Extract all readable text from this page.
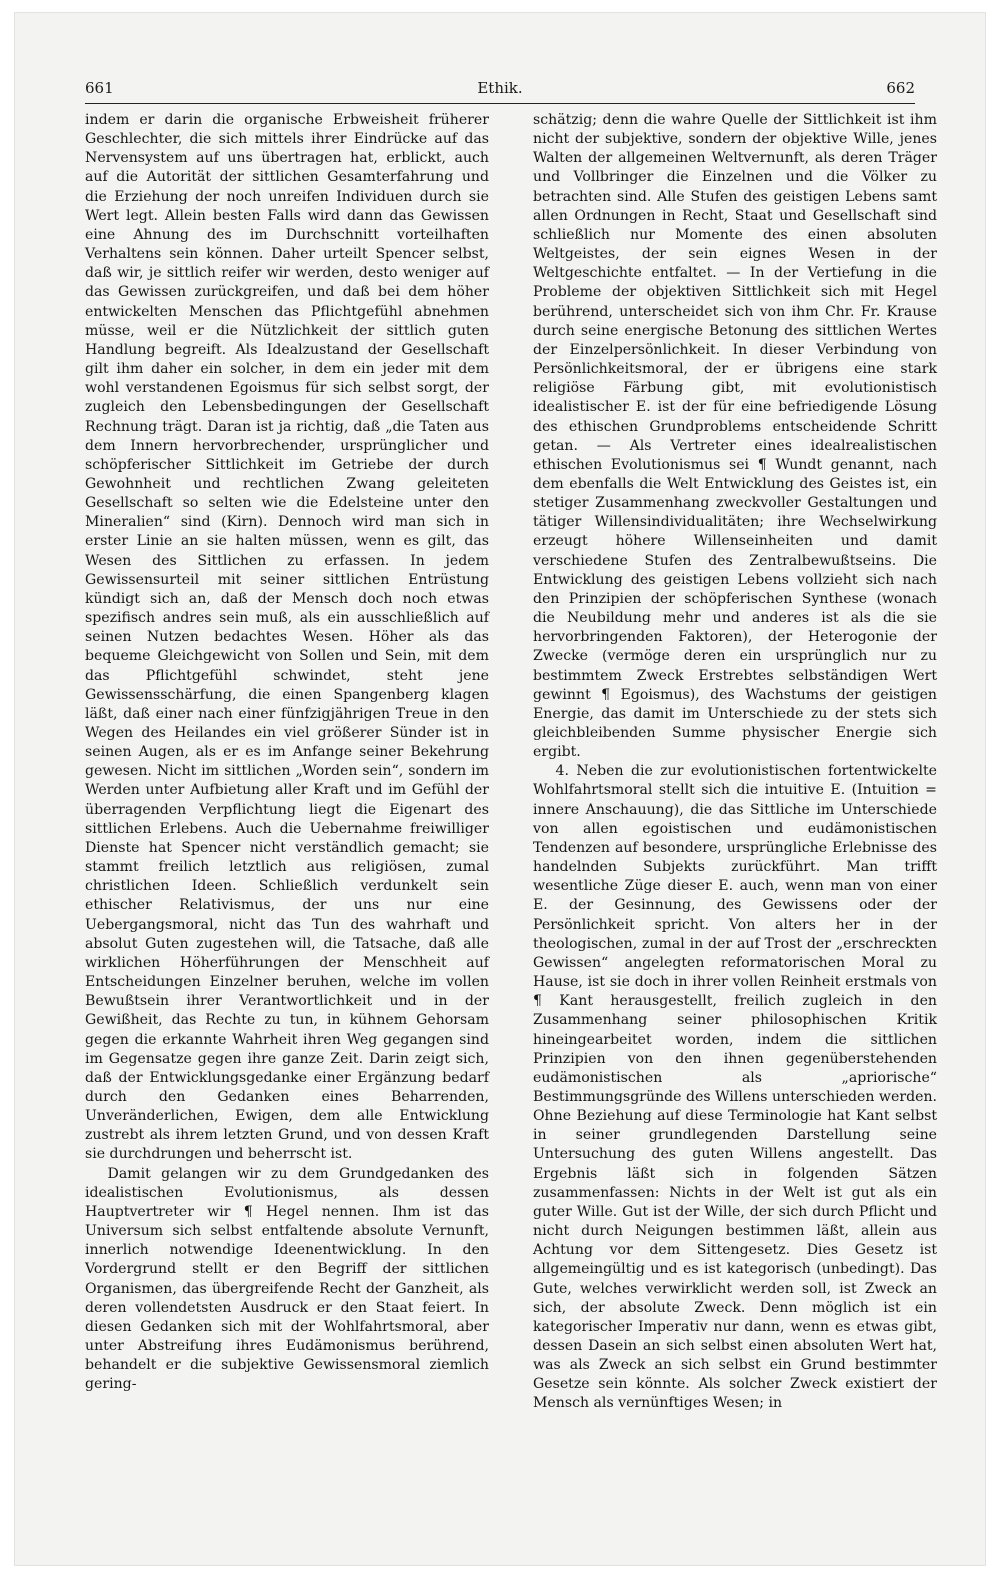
661	Ethik.	662

indem er darin die organische Erbweisheit früherer Geschlechter, die sich mittels ihrer Eindrücke auf das Nervensystem auf uns übertragen hat, erblickt, auch auf die Autorität der sittlichen Gesamterfahrung und die Erziehung der noch unreifen Individuen durch sie Wert legt. Allein besten Falls wird dann das Gewissen eine Ahnung des im Durchschnitt vorteilhaften Verhaltens sein können. Daher urteilt Spencer selbst, daß wir, je sittlich reifer wir werden, desto weniger auf das Gewissen zurückgreifen, und daß bei dem höher entwickelten Menschen das Pflichtgefühl abnehmen müsse, weil er die Nützlichkeit der sittlich guten Handlung begreift. Als Idealzustand der Gesellschaft gilt ihm daher ein solcher, in dem ein jeder mit dem wohl verstandenen Egoismus für sich selbst sorgt, der zugleich den Lebensbedingungen der Gesellschaft Rechnung trägt. Daran ist ja richtig, daß „die Taten aus dem Innern hervorbrechender, ursprünglicher und schöpferischer Sittlichkeit im Getriebe der durch Gewohnheit und rechtlichen Zwang geleiteten Gesellschaft so selten wie die Edelsteine unter den Mineralien“ sind (Kirn). Dennoch wird man sich in erster Linie an sie halten müssen, wenn es gilt, das Wesen des Sittlichen zu erfassen. In jedem Gewissensurteil mit seiner sittlichen Entrüstung kündigt sich an, daß der Mensch doch noch etwas spezifisch andres sein muß, als ein ausschließlich auf seinen Nutzen bedachtes Wesen. Höher als das bequeme Gleichgewicht von Sollen und Sein, mit dem das Pflichtgefühl schwindet, steht jene Gewissensschärfung, die einen Spangenberg klagen läßt, daß einer nach einer fünfzigjährigen Treue in den Wegen des Heilandes ein viel größerer Sünder ist in seinen Augen, als er es im Anfange seiner Bekehrung gewesen. Nicht im sittlichen „Worden sein“, sondern im Werden unter Aufbietung aller Kraft und im Gefühl der überragenden Verpflichtung liegt die Eigenart des sittlichen Erlebens. Auch die Uebernahme freiwilliger Dienste hat Spencer nicht verständlich gemacht; sie stammt freilich letztlich aus religiösen, zumal christlichen Ideen. Schließlich verdunkelt sein ethischer Relativismus, der uns nur eine Uebergangsmoral, nicht das Tun des wahrhaft und absolut Guten zugestehen will, die Tatsache, daß alle wirklichen Höherführungen der Menschheit auf Entscheidungen Einzelner beruhen, welche im vollen Bewußtsein ihrer Verantwortlichkeit und in der Gewißheit, das Rechte zu tun, in kühnem Gehorsam gegen die erkannte Wahrheit ihren Weg gegangen sind im Gegensatze gegen ihre ganze Zeit. Darin zeigt sich, daß der Entwicklungsgedanke einer Ergänzung bedarf durch den Gedanken eines Beharrenden, Unveränderlichen, Ewigen, dem alle Entwicklung zustrebt als ihrem letzten Grund, und von dessen Kraft sie durchdrungen und beherrscht ist.

Damit gelangen wir zu dem Grundgedanken des idealistischen Evolutionismus, als dessen Hauptvertreter wir ¶ Hegel nennen. Ihm ist das Universum sich selbst entfaltende absolute Vernunft, innerlich notwendige Ideenentwicklung. In den Vordergrund stellt er den Begriff der sittlichen Organismen, das übergreifende Recht der Ganzheit, als deren vollendetsten Ausdruck er den Staat feiert. In diesen Gedanken sich mit der Wohlfahrtsmoral, aber unter Abstreifung ihres Eudämonismus berührend, behandelt er die subjektive Gewissensmoral ziemlich gering-

schätzig; denn die wahre Quelle der Sittlichkeit ist ihm nicht der subjektive, sondern der objektive Wille, jenes Walten der allgemeinen Weltvernunft, als deren Träger und Vollbringer die Einzelnen und die Völker zu betrachten sind. Alle Stufen des geistigen Lebens samt allen Ordnungen in Recht, Staat und Gesellschaft sind schließlich nur Momente des einen absoluten Weltgeistes, der sein eignes Wesen in der Weltgeschichte entfaltet. — In der Vertiefung in die Probleme der objektiven Sittlichkeit sich mit Hegel berührend, unterscheidet sich von ihm Chr. Fr. Krause durch seine energische Betonung des sittlichen Wertes der Einzelpersönlichkeit. In dieser Verbindung von Persönlichkeitsmoral, der er übrigens eine stark religiöse Färbung gibt, mit evolutionistisch idealistischer E. ist der für eine befriedigende Lösung des ethischen Grundproblems entscheidende Schritt getan. — Als Vertreter eines idealrealistischen ethischen Evolutionismus sei ¶ Wundt genannt, nach dem ebenfalls die Welt Entwicklung des Geistes ist, ein stetiger Zusammenhang zweckvoller Gestaltungen und tätiger Willensindividualitäten; ihre Wechselwirkung erzeugt höhere Willenseinheiten und damit verschiedene Stufen des Zentralbewußtseins. Die Entwicklung des geistigen Lebens vollzieht sich nach den Prinzipien der schöpferischen Synthese (wonach die Neubildung mehr und anderes ist als die sie hervorbringenden Faktoren), der Heterogonie der Zwecke (vermöge deren ein ursprünglich nur zu bestimmtem Zweck Erstrebtes selbständigen Wert gewinnt ¶ Egoismus), des Wachstums der geistigen Energie, das damit im Unterschiede zu der stets sich gleichbleibenden Summe physischer Energie sich ergibt.

4. Neben die zur evolutionistischen fortentwickelte Wohlfahrtsmoral stellt sich die intuitive E. (Intuition = innere Anschauung), die das Sittliche im Unterschiede von allen egoistischen und eudämonistischen Tendenzen auf besondere, ursprüngliche Erlebnisse des handelnden Subjekts zurückführt. Man trifft wesentliche Züge dieser E. auch, wenn man von einer E. der Gesinnung, des Gewissens oder der Persönlichkeit spricht. Von alters her in der theologischen, zumal in der auf Trost der „erschreckten Gewissen“ angelegten reformatorischen Moral zu Hause, ist sie doch in ihrer vollen Reinheit erstmals von ¶ Kant herausgestellt, freilich zugleich in den Zusammenhang seiner philosophischen Kritik hineingearbeitet worden, indem die sittlichen Prinzipien von den ihnen gegenüberstehenden eudämonistischen als „apriorische“ Bestimmungsgründe des Willens unterschieden werden. Ohne Beziehung auf diese Terminologie hat Kant selbst in seiner grundlegenden Darstellung seine Untersuchung des guten Willens angestellt. Das Ergebnis läßt sich in folgenden Sätzen zusammenfassen: Nichts in der Welt ist gut als ein guter Wille. Gut ist der Wille, der sich durch Pflicht und nicht durch Neigungen bestimmen läßt, allein aus Achtung vor dem Sittengesetz. Dies Gesetz ist allgemeingültig und es ist kategorisch (unbedingt). Das Gute, welches verwirklicht werden soll, ist Zweck an sich, der absolute Zweck. Denn möglich ist ein kategorischer Imperativ nur dann, wenn es etwas gibt, dessen Dasein an sich selbst einen absoluten Wert hat, was als Zweck an sich selbst ein Grund bestimmter Gesetze sein könnte. Als solcher Zweck existiert der Mensch als vernünftiges Wesen; in
